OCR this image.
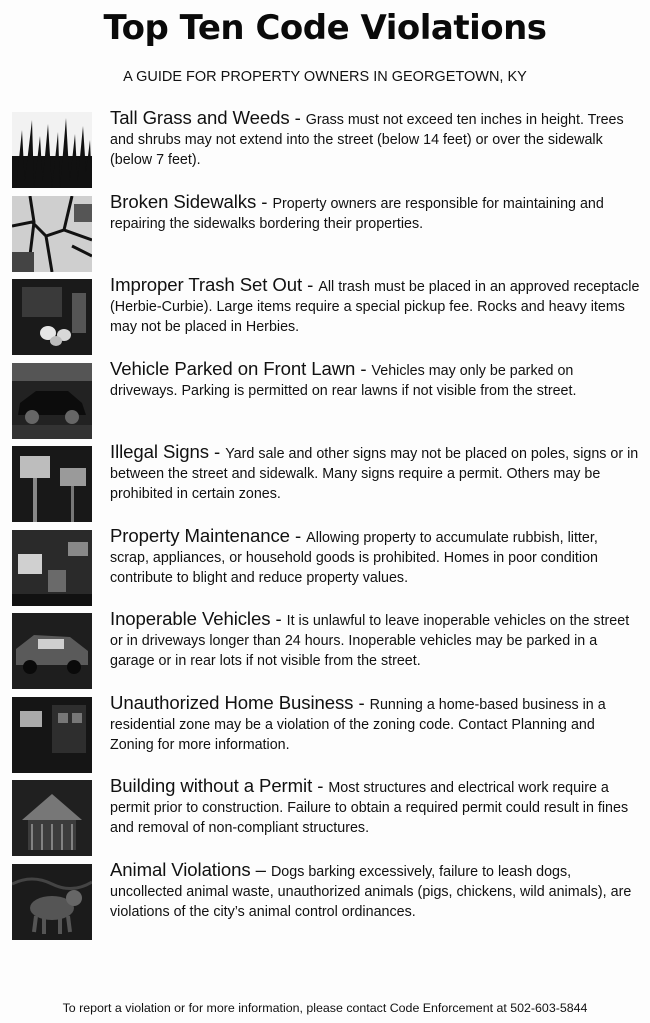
Top Ten Code Violations
A GUIDE FOR PROPERTY OWNERS IN GEORGETOWN, KY
Tall Grass and Weeds - Grass must not exceed ten inches in height. Trees and shrubs may not extend into the street (below 14 feet) or over the sidewalk (below 7 feet).
Broken Sidewalks - Property owners are responsible for maintaining and repairing the sidewalks bordering their properties.
Improper Trash Set Out - All trash must be placed in an approved receptacle (Herbie-Curbie). Large items require a special pickup fee. Rocks and heavy items may not be placed in Herbies.
Vehicle Parked on Front Lawn - Vehicles may only be parked on driveways. Parking is permitted on rear lawns if not visible from the street.
Illegal Signs - Yard sale and other signs may not be placed on poles, signs or in between the street and sidewalk. Many signs require a permit. Others may be prohibited in certain zones.
Property Maintenance - Allowing property to accumulate rubbish, litter, scrap, appliances, or household goods is prohibited. Homes in poor condition contribute to blight and reduce property values.
Inoperable Vehicles - It is unlawful to leave inoperable vehicles on the street or in driveways longer than 24 hours. Inoperable vehicles may be parked in a garage or in rear lots if not visible from the street.
Unauthorized Home Business - Running a home-based business in a residential zone may be a violation of the zoning code. Contact Planning and Zoning for more information.
Building without a Permit - Most structures and electrical work require a permit prior to construction. Failure to obtain a required permit could result in fines and removal of non-compliant structures.
Animal Violations – Dogs barking excessively, failure to leash dogs, uncollected animal waste, unauthorized animals (pigs, chickens, wild animals), are violations of the city’s animal control ordinances.
To report a violation or for more information, please contact Code Enforcement at 502-603-5844
